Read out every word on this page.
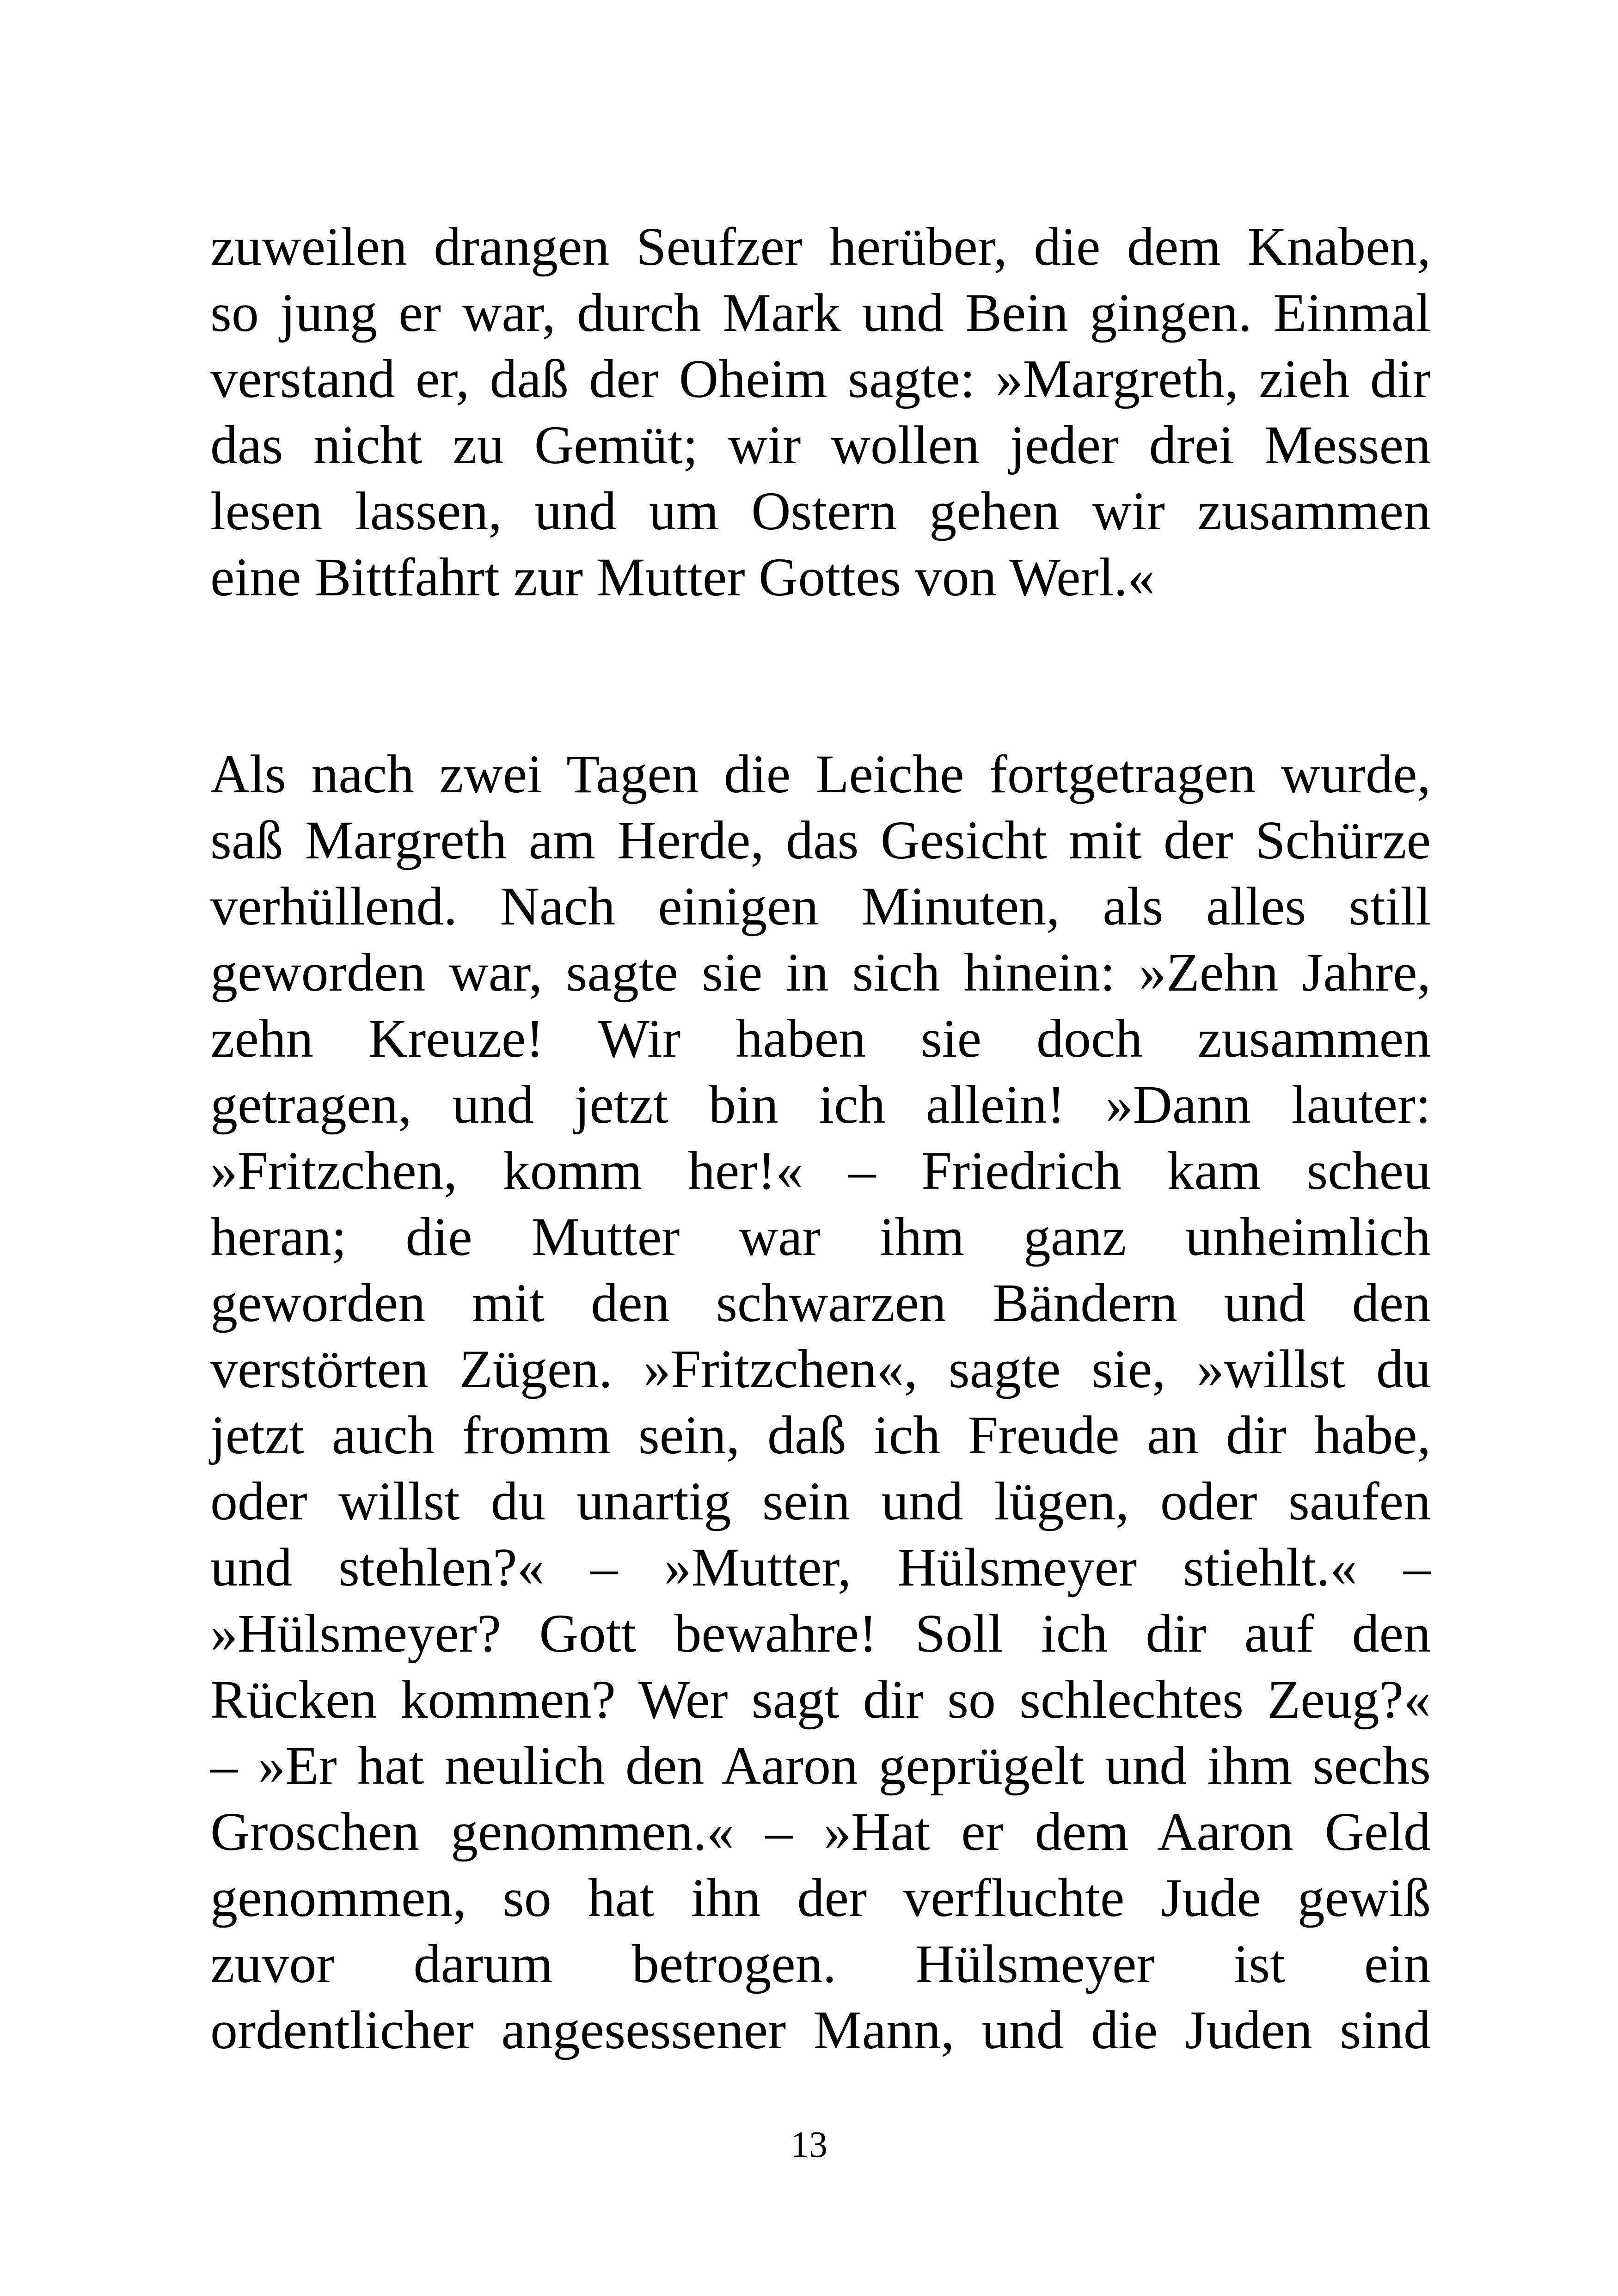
zuweilen drangen Seufzer herüber, die dem Knaben,
so jung er war, durch Mark und Bein gingen. Einmal
verstand er, daß der Oheim sagte: »Margreth, zieh dir
das nicht zu Gemüt; wir wollen jeder drei Messen
lesen lassen, und um Ostern gehen wir zusammen
eine Bittfahrt zur Mutter Gottes von Werl.«
Als nach zwei Tagen die Leiche fortgetragen wurde,
saß Margreth am Herde, das Gesicht mit der Schürze
verhüllend. Nach einigen Minuten, als alles still
geworden war, sagte sie in sich hinein: »Zehn Jahre,
zehn Kreuze! Wir haben sie doch zusammen
getragen, und jetzt bin ich allein! »Dann lauter:
»Fritzchen, komm her!« – Friedrich kam scheu
heran; die Mutter war ihm ganz unheimlich
geworden mit den schwarzen Bändern und den
verstörten Zügen. »Fritzchen«, sagte sie, »willst du
jetzt auch fromm sein, daß ich Freude an dir habe,
oder willst du unartig sein und lügen, oder saufen
und stehlen?« – »Mutter, Hülsmeyer stiehlt.« –
»Hülsmeyer? Gott bewahre! Soll ich dir auf den
Rücken kommen? Wer sagt dir so schlechtes Zeug?«
– »Er hat neulich den Aaron geprügelt und ihm sechs
Groschen genommen.« – »Hat er dem Aaron Geld
genommen, so hat ihn der verfluchte Jude gewiß
zuvor darum betrogen. Hülsmeyer ist ein
ordentlicher angesessener Mann, und die Juden sind
13
